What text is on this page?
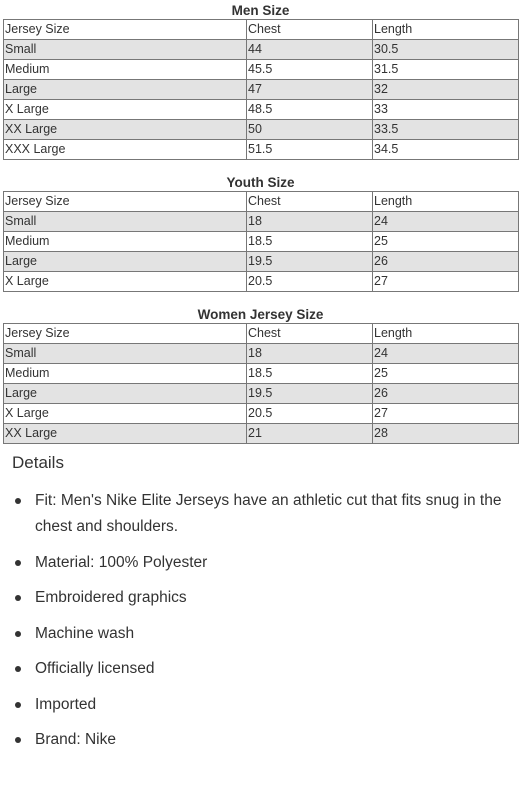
Men Size
Jersey Size	Chest	Length
Small	44	30.5
Medium	45.5	31.5
Large	47	32
X Large	48.5	33
XX Large	50	33.5
XXX Large	51.5	34.5
Youth Size
Jersey Size	Chest	Length
Small	18	24
Medium	18.5	25
Large	19.5	26
X Large	20.5	27
Women Jersey Size
Jersey Size	Chest	Length
Small	18	24
Medium	18.5	25
Large	19.5	26
X Large	20.5	27
XX Large	21	28
Details
Fit: Men's Nike Elite Jerseys have an athletic cut that fits snug in the chest and shoulders.
Material: 100% Polyester
Embroidered graphics
Machine wash
Officially licensed
Imported
Brand: Nike
